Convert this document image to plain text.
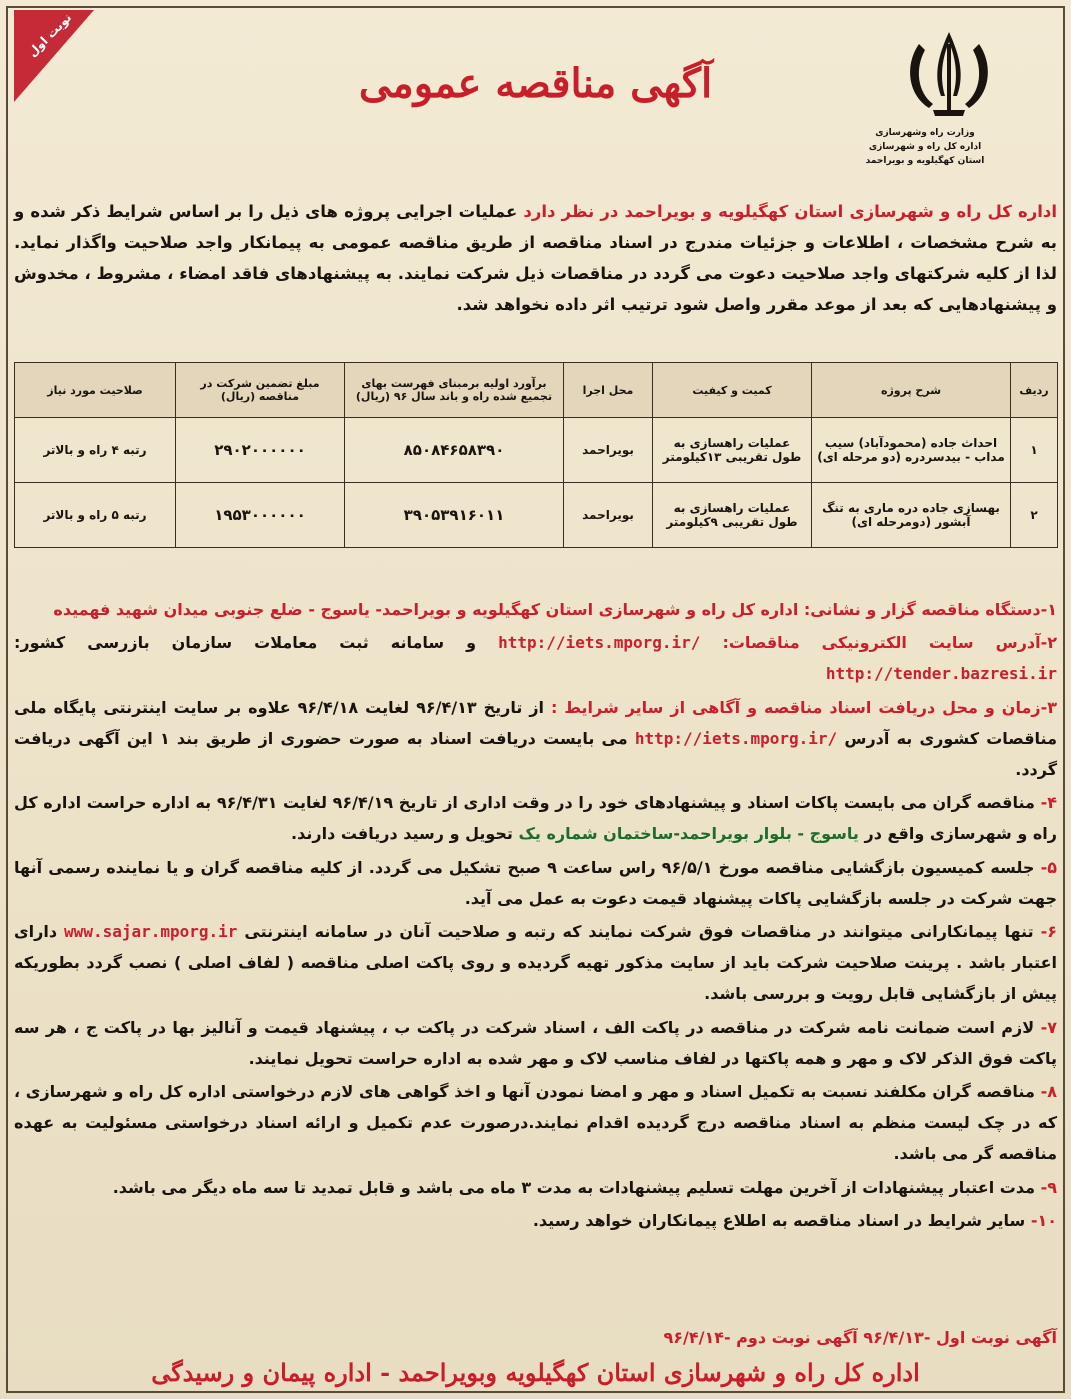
نوبت اول
وزارت راه وشهرسازی
اداره کل راه و شهرسازی
استان کهگیلویه و بویراحمد
آگهی مناقصه عمومی
اداره کل راه و شهرسازی استان کهگیلویه و بویراحمد در نظر دارد عملیات اجرایی پروژه های ذیل را بر اساس شرایط ذکر شده و به شرح مشخصات ، اطلاعات و جزئیات مندرج در اسناد مناقصه از طریق مناقصه عمومی به پیمانکار واجد صلاحیت واگذار نماید. لذا از کلیه شرکتهای واجد صلاحیت دعوت می گردد در مناقصات ذیل شرکت نمایند. به پیشنهادهای فاقد امضاء ، مشروط ، مخدوش و پیشنهادهایی که بعد از موعد مقرر واصل شود ترتیب اثر داده نخواهد شد.
ردیف	شرح پروژه	کمیت و کیفیت	محل اجرا	برآورد اولیه برمبنای فهرست بهای تجمیع شده راه و باند سال ۹۶ (ریال)	مبلغ تضمین شرکت در مناقصه (ریال)	صلاحیت مورد نیاز
۱	احداث جاده (محمودآباد) سیب مداب - بیدسردره (دو مرحله ای)	عملیات راهسازی به طول تقریبی ۱۳کیلومتر	بویراحمد	۸۵۰۸۴۶۵۸۳۹۰	۲۹۰۲۰۰۰۰۰۰	رتبه ۴ راه و بالاتر
۲	بهسازی جاده دره ماری به تنگ آبشور (دومرحله ای)	عملیات راهسازی به طول تقریبی ۹کیلومتر	بویراحمد	۳۹۰۵۳۹۱۶۰۱۱	۱۹۵۳۰۰۰۰۰۰	رتبه ۵ راه و بالاتر

۱-دستگاه مناقصه گزار و نشانی: اداره کل راه و شهرسازی استان کهگیلویه و بویراحمد- یاسوج - ضلع جنوبی میدان شهید فهمیده

۲-آدرس سایت الکترونیکی مناقصات: http://iets.mporg.ir/ و سامانه ثبت معاملات سازمان بازرسی کشور: http://tender.bazresi.ir

۳-زمان و محل دریافت اسناد مناقصه و آگاهی از سایر شرایط : از تاریخ ۹۶/۴/۱۳ لغایت ۹۶/۴/۱۸ علاوه بر سایت اینترنتی پایگاه ملی مناقصات کشوری به آدرس http://iets.mporg.ir/ می بایست دریافت اسناد به صورت حضوری از طریق بند ۱ این آگهی دریافت گردد.

۴- مناقصه گران می بایست پاکات اسناد و پیشنهادهای خود را در وقت اداری از تاریخ ۹۶/۴/۱۹ لغایت ۹۶/۴/۳۱ به اداره حراست اداره کل راه و شهرسازی واقع در یاسوج - بلوار بویراحمد-ساختمان شماره یک تحویل و رسید دریافت دارند.

۵- جلسه کمیسیون بازگشایی مناقصه مورخ ۹۶/۵/۱ راس ساعت ۹ صبح تشکیل می گردد. از کلیه مناقصه گران و یا نماینده رسمی آنها جهت شرکت در جلسه بازگشایی پاکات پیشنهاد قیمت دعوت به عمل می آید.

۶- تنها پیمانکارانی میتوانند در مناقصات فوق شرکت نمایند که رتبه و صلاحیت آنان در سامانه اینترنتی www.sajar.mporg.ir دارای اعتبار باشد . پرینت صلاحیت شرکت باید از سایت مذکور تهیه گردیده و روی پاکت اصلی مناقصه ( لفاف اصلی ) نصب گردد بطوریکه پیش از بازگشایی قابل رویت و بررسی باشد.

۷- لازم است ضمانت نامه شرکت در مناقصه در پاکت الف ، اسناد شرکت در پاکت ب ، پیشنهاد قیمت و آنالیز بها در پاکت ج ، هر سه پاکت فوق الذکر لاک و مهر و همه پاکتها در لفاف مناسب لاک و مهر شده به اداره حراست تحویل نمایند.

۸- مناقصه گران مکلفند نسبت به تکمیل اسناد و مهر و امضا نمودن آنها و اخذ گواهی های لازم درخواستی اداره کل راه و شهرسازی ، که در چک لیست منظم به اسناد مناقصه درج گردیده اقدام نمایند.درصورت عدم تکمیل و ارائه اسناد درخواستی مسئولیت به عهده مناقصه گر می باشد.

۹- مدت اعتبار پیشنهادات از آخرین مهلت تسلیم پیشنهادات به مدت ۳ ماه می باشد و قابل تمدید تا سه ماه دیگر می باشد.

۱۰- سایر شرایط در اسناد مناقصه به اطلاع پیمانکاران خواهد رسید.

آگهی نوبت اول -۹۶/۴/۱۳ آگهی نوبت دوم -۹۶/۴/۱۴
اداره کل راه و شهرسازی استان کهگیلویه وبویراحمد - اداره پیمان و رسیدگی
